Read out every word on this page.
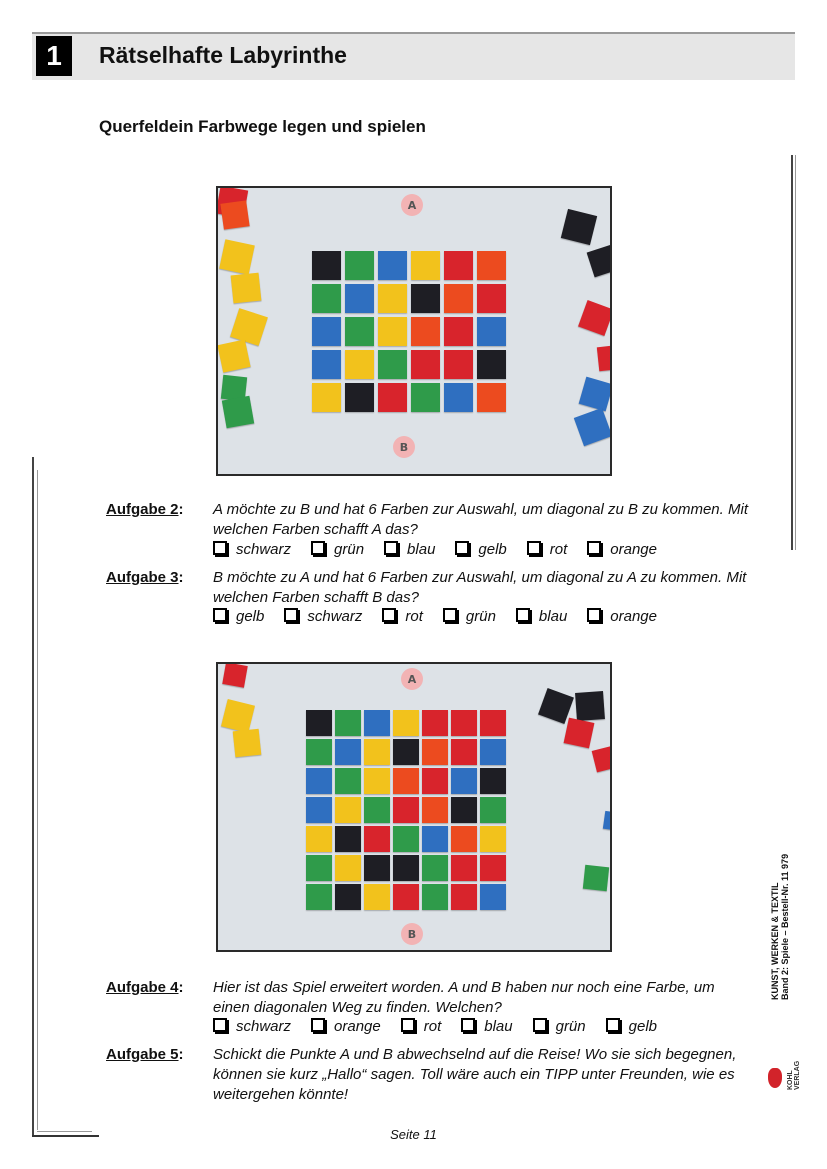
1	Rätselhafte Labyrinthe
Querfeldein Farbwege legen und spielen
A
B
Aufgabe 2: A möchte zu B und hat 6 Farben zur Auswahl, um diagonal zu B zu kommen. Mit welchen Farben schafft A das?
schwarz	grün	blau	gelb	rot	orange
Aufgabe 3: B möchte zu A und hat 6 Farben zur Auswahl, um diagonal zu A zu kommen. Mit welchen Farben schafft B das?
gelb	schwarz	rot	grün	blau	orange
A
B
Aufgabe 4: Hier ist das Spiel erweitert worden. A und B haben nur noch eine Farbe, um einen diagonalen Weg zu finden. Welchen?
schwarz	orange	rot	blau	grün	gelb
Aufgabe 5: Schickt die Punkte A und B abwechselnd auf die Reise! Wo sie sich begegnen, können sie kurz „Hallo“ sagen. Toll wäre auch ein TIPP unter Freunden, wie es weitergehen könnte!
Seite 11
KUNST, WERKEN & TEXTIL Band 2: Spiele – Bestell-Nr. 11 979
KOHL VERLAG
